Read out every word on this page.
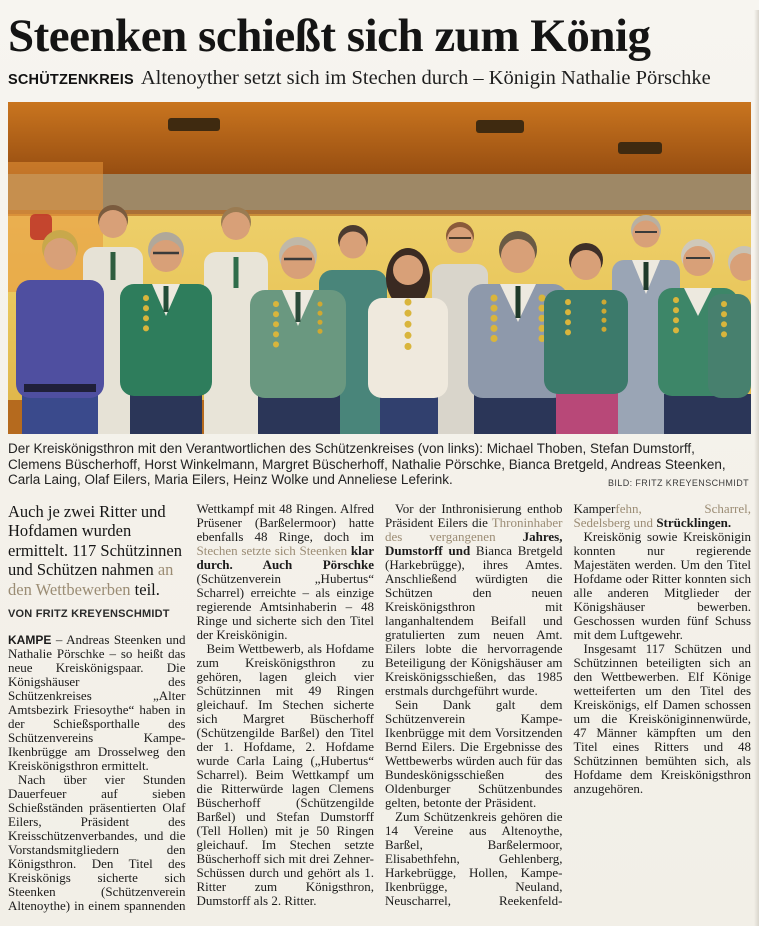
Steenken schießt sich zum König
SCHÜTZENKREIS Altenoyther setzt sich im Stechen durch – Königin Nathalie Pörschke
Der Kreiskönigsthron mit den Verantwortlichen des Schützenkreises (von links): Michael Thoben, Stefan Dumstorff, Clemens Büscherhoff, Horst Winkelmann, Margret Büscherhoff, Nathalie Pörschke, Bianca Bretgeld, Andreas Steenken, Carla Laing, Olaf Eilers, Maria Eilers, Heinz Wolke und Anneliese Leferink.	BILD: FRITZ KREYENSCHMIDT

Auch je zwei Ritter und Hofdamen wurden ermittelt. 117 Schützinnen und Schützen nahmen an den Wettbewerben teil.

VON FRITZ KREYENSCHMIDT

KAMPE – Andreas Steenken und Nathalie Pörschke – so heißt das neue Kreiskönigspaar. Die Königshäuser des Schützenkreises „Alter Amtsbezirk Friesoythe“ haben in der Schießsporthalle des Schützenvereins Kampe-Ikenbrügge am Drosselweg den Kreiskönigsthron ermittelt.

Nach über vier Stunden Dauerfeuer auf sieben Schießständen präsentierten Olaf Eilers, Präsident des Kreisschützenverbandes, und die Vorstandsmitgliedern den Königsthron. Den Titel des Kreiskönigs sicherte sich Steenken (Schützenverein Altenoythe) in einem spannenden Wettkampf mit 48 Ringen. Alfred Prüsener (Barßelermoor) hatte ebenfalls 48 Ringe, doch im Stechen setzte sich Steenken klar durch. Auch Pörschke (Schützenverein „Hubertus“ Scharrel) erreichte – als einzige regierende Amtsinhaberin – 48 Ringe und sicherte sich den Titel der Kreiskönigin.

Beim Wettbewerb, als Hofdame zum Kreiskönigsthron zu gehören, lagen gleich vier Schützinnen mit 49 Ringen gleichauf. Im Stechen sicherte sich Margret Büscherhoff (Schützengilde Barßel) den Titel der 1. Hofdame, 2. Hofdame wurde Carla Laing („Hubertus“ Scharrel). Beim Wettkampf um die Ritterwürde lagen Clemens Büscherhoff (Schützengilde Barßel) und Stefan Dumstorff (Tell Hollen) mit je 50 Ringen gleichauf. Im Stechen setzte Büscherhoff sich mit drei Zehner-Schüssen durch und gehört als 1. Ritter zum Königsthron, Dumstorff als 2. Ritter.

Vor der Inthronisierung enthob Präsident Eilers die Throninhaber des vergangenen Jahres, Dumstorff und Bianca Bretgeld (Harkebrügge), ihres Amtes. Anschließend würdigten die Schützen den neuen Kreiskönigsthron mit langanhaltendem Beifall und gratulierten zum neuen Amt. Eilers lobte die hervorragende Beteiligung der Königshäuser am Kreiskönigsschießen, das 1985 erstmals durchgeführt wurde.

Sein Dank galt dem Schützenverein Kampe-Ikenbrügge mit dem Vorsitzenden Bernd Eilers. Die Ergebnisse des Wettbewerbs würden auch für das Bundeskönigsschießen des Oldenburger Schützenbundes gelten, betonte der Präsident.

Zum Schützenkreis gehören die 14 Vereine aus Altenoythe, Barßel, Barßelermoor, Elisabethfehn, Gehlenberg, Harkebrügge, Hollen, Kampe-Ikenbrügge, Neuland, Neuscharrel, Reekenfeld-Kamperfehn, Scharrel, Sedelsberg und Strücklingen.

Kreiskönig sowie Kreiskönigin konnten nur regierende Majestäten werden. Um den Titel Hofdame oder Ritter konnten sich alle anderen Mitglieder der Königshäuser bewerben. Geschossen wurden fünf Schuss mit dem Luftgewehr.

Insgesamt 117 Schützen und Schützinnen beteiligten sich an den Wettbewerben. Elf Könige wetteiferten um den Titel des Kreiskönigs, elf Damen schossen um die Kreisköniginnenwürde, 47 Männer kämpften um den Titel eines Ritters und 48 Schützinnen bemühten sich, als Hofdame dem Kreiskönigsthron anzugehören.
